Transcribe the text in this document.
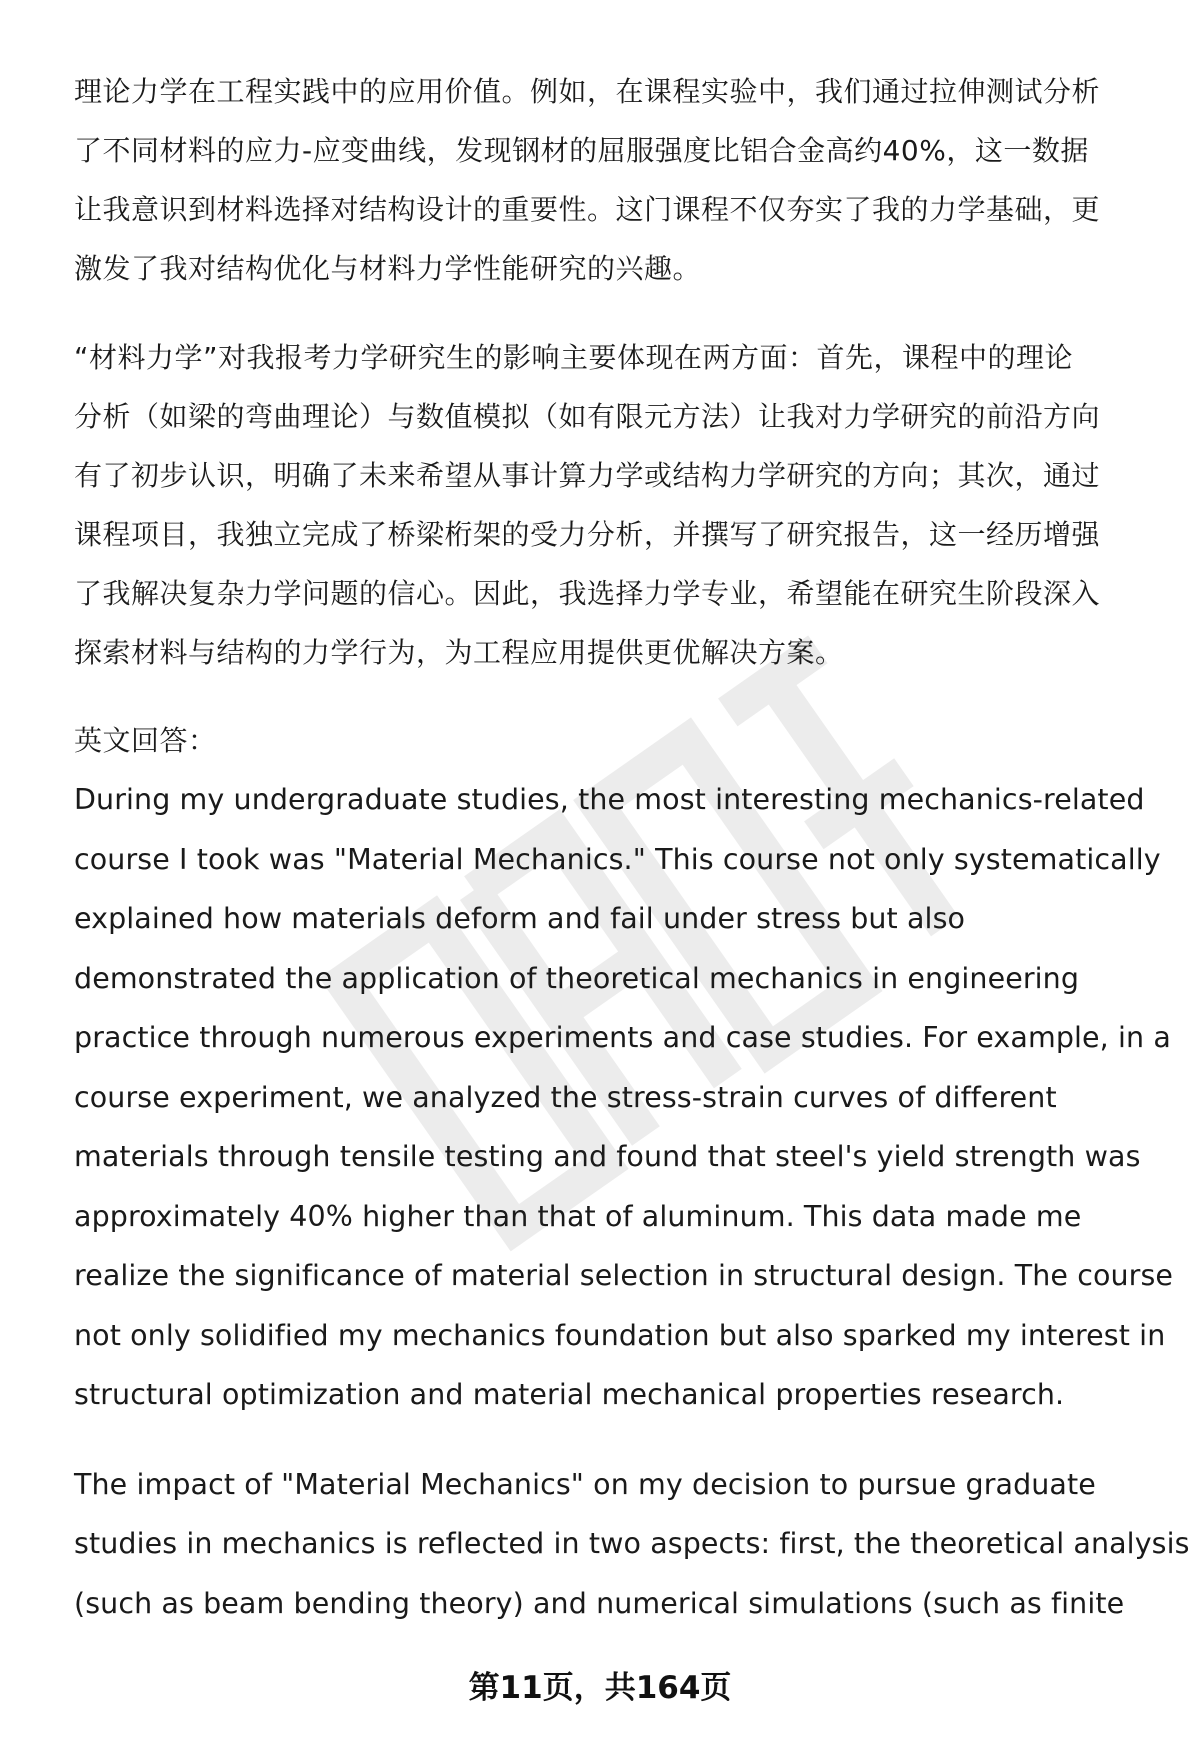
理论力学在工程实践中的应用价值。例如，在课程实验中，我们通过拉伸测试分析
了不同材料的应力-应变曲线，发现钢材的屈服强度比铝合金高约40%，这一数据
让我意识到材料选择对结构设计的重要性。这门课程不仅夯实了我的力学基础，更
激发了我对结构优化与材料力学性能研究的兴趣。
“材料力学”对我报考力学研究生的影响主要体现在两方面：首先，课程中的理论
分析（如梁的弯曲理论）与数值模拟（如有限元方法）让我对力学研究的前沿方向
有了初步认识，明确了未来希望从事计算力学或结构力学研究的方向；其次，通过
课程项目，我独立完成了桥梁桁架的受力分析，并撰写了研究报告，这一经历增强
了我解决复杂力学问题的信心。因此，我选择力学专业，希望能在研究生阶段深入
探索材料与结构的力学行为，为工程应用提供更优解决方案。

英文回答：

During my undergraduate studies, the most interesting mechanics-related
course I took was "Material Mechanics." This course not only systematically
explained how materials deform and fail under stress but also
demonstrated the application of theoretical mechanics in engineering
practice through numerous experiments and case studies. For example, in a
course experiment, we analyzed the stress-strain curves of different
materials through tensile testing and found that steel's yield strength was
approximately 40% higher than that of aluminum. This data made me
realize the significance of material selection in structural design. The course
not only solidified my mechanics foundation but also sparked my interest in
structural optimization and material mechanical properties research.
The impact of "Material Mechanics" on my decision to pursue graduate
studies in mechanics is reflected in two aspects: first, the theoretical analysis
(such as beam bending theory) and numerical simulations (such as finite
第11页，共164页
